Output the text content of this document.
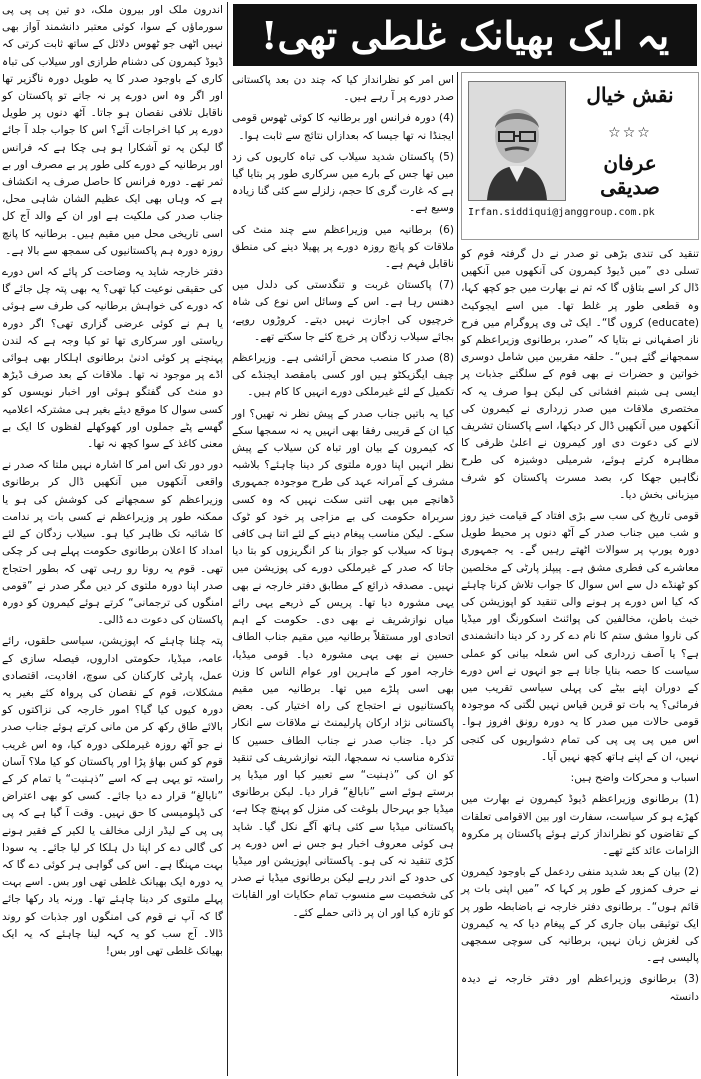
یہ ایک بھیانک غلطی تھی!
نقش خیال
☆☆☆
عرفان صدیقی
Irfan.siddiqui@janggroup.com.pk

تنقید کی تندی بڑھی تو صدر نے دل گرفتہ قوم کو تسلی دی ”میں ڈیوڈ کیمرون کی آنکھوں میں آنکھیں ڈال کر اسے بتاؤں گا کہ تم نے بھارت میں جو کچھ کہا، وہ قطعی طور پر غلط تھا۔ میں اسے ایجوکیٹ (educate) کروں گا“۔ ایک ٹی وی پروگرام میں فرح ناز اصفہانی نے بتایا کہ ”صدر، برطانوی وزیراعظم کو سمجھانے گئے ہیں“۔ حلقہ مقربین میں شامل دوسری خواتین و حضرات نے بھی قوم کے سلگتے جذبات پر ایسی ہی شبنم افشانی کی لیکن ہوا صرف یہ کہ مختصری ملاقات میں صدر زرداری نے کیمرون کی آنکھوں میں آنکھیں ڈال کر دیکھا، اسے پاکستان تشریف لانے کی دعوت دی اور کیمرون نے اعلیٰ ظرفی کا مظاہرہ کرتے ہوئے، شرمیلی دوشیزہ کی طرح نگاہیں جھکا کر، بصد مسرت پاکستان کو شرف میزبانی بخش دیا۔

قومی تاریخ کی سب سے بڑی افتاد کے قیامت خیز روز و شب میں جناب صدر کے آٹھ دنوں پر محیط طویل دورہ یورپ پر سوالات اٹھتے رہیں گے۔ یہ جمہوری معاشرے کی فطری مشق ہے۔ پیپلز پارٹی کے مخلصین کو ٹھنڈے دل سے اس سوال کا جواب تلاش کرنا چاہئے کہ کیا اس دورے پر ہونے والی تنقید کو اپوزیشن کی خبث باطن، مخالفین کی پوائنٹ اسکورنگ اور میڈیا کی ناروا مشق ستم کا نام دے کر رد کر دینا دانشمندی ہے؟ یا آصف زرداری کی اس شعلہ بیانی کو عملی سیاست کا حصہ بنایا جانا ہے جو انہوں نے اس دورے کے دوران اپنے بیٹے کی پہلی سیاسی تقریب میں فرمائی؟ یہ بات تو قرین قیاس نہیں لگتی کہ موجودہ قومی حالات میں صدر کا یہ دورہ رونق افروز ہوا۔ اس میں پی پی پی کی تمام دشواریوں کی کنجی نہیں، ان کے اپنے ہاتھ کچھ نہیں آیا۔

اسباب و محرکات واضح ہیں:

(1) برطانوی وزیراعظم ڈیوڈ کیمرون نے بھارت میں کھڑے ہو کر سیاست، سفارت اور بین الاقوامی تعلقات کے تقاضوں کو نظرانداز کرتے ہوئے پاکستان پر مکروہ الزامات عائد کئے تھے۔

(2) بیان کے بعد شدید منفی ردعمل کے باوجود کیمرون نے حرف کمزور کے طور پر کہا کہ ”میں اپنی بات پر قائم ہوں“۔ برطانوی دفتر خارجہ نے باضابطہ طور پر ایک توثیقی بیان جاری کر کے پیغام دیا کہ یہ کیمرون کی لغزش زبان نہیں، برطانیہ کی سوچی سمجھی پالیسی ہے۔

(3) برطانوی وزیراعظم اور دفتر خارجہ نے دیدہ دانستہ

اس امر کو نظرانداز کیا کہ چند دن بعد پاکستانی صدر دورے پر آ رہے ہیں۔

(4) دورہ فرانس اور برطانیہ کا کوئی ٹھوس قومی ایجنڈا نہ تھا جیسا کہ بعدازاں نتائج سے ثابت ہوا۔

(5) پاکستان شدید سیلاب کی تباہ کاریوں کی زد میں تھا جس کے بارے میں سرکاری طور پر بتایا گیا ہے کہ غارت گری کا حجم، زلزلے سے کئی گنا زیادہ وسیع ہے۔

(6) برطانیہ میں وزیراعظم سے چند منٹ کی ملاقات کو پانچ روزہ دورے پر پھیلا دینے کی منطق ناقابل فہم ہے۔

(7) پاکستان غربت و تنگدستی کی دلدل میں دھنس رہا ہے۔ اس کے وسائل اس نوع کی شاہ خرچیوں کی اجازت نہیں دیتے۔ کروڑوں روپے، بجائے سیلاب زدگان پر خرچ کئے جا سکتے تھے۔

(8) صدر کا منصب محض آرائشی ہے۔ وزیراعظم چیف ایگزیکٹو ہیں اور کسی بامقصد ایجنڈے کی تکمیل کے لئے غیرملکی دورے انہیں کا کام ہیں۔

کیا یہ باتیں جناب صدر کے پیش نظر نہ تھیں؟ اور کیا ان کے قریبی رفقا بھی انہیں یہ نہ سمجھا سکے کہ کیمرون کے بیان اور تباہ کن سیلاب کے پیش نظر انہیں اپنا دورہ ملتوی کر دینا چاہئے؟ بلاشبہ مشرف کے آمرانہ عہد کی طرح موجودہ جمہوری ڈھانچے میں بھی اتنی سکت نہیں کہ وہ کسی سربراہ حکومت کی بے مزاجی پر خود کو ٹوک سکے۔ لیکن مناسب پیغام دینے کے لئے اتنا ہی کافی ہوتا کہ سیلاب کو جواز بنا کر انگریزوں کو بتا دیا جاتا کہ صدر کے غیرملکی دورے کی پوزیشن میں نہیں۔ مصدقہ ذرائع کے مطابق دفتر خارجہ نے بھی یہی مشورہ دیا تھا۔ پریس کے ذریعے یہی رائے میاں نوازشریف نے بھی دی۔ حکومت کے اہم اتحادی اور مستقلاً برطانیہ میں مقیم جناب الطاف حسین نے بھی یہی مشورہ دیا۔ قومی میڈیا، خارجہ امور کے ماہرین اور عوام الناس کا وزن بھی اسی پلڑے میں تھا۔ برطانیہ میں مقیم پاکستانیوں نے احتجاج کی راہ اختیار کی۔ بعض پاکستانی نژاد ارکان پارلیمنٹ نے ملاقات سے انکار کر دیا۔ جناب صدر نے جناب الطاف حسین کا تذکرہ مناسب نہ سمجھا، البتہ نوازشریف کی تنقید کو ان کی ”ذہنیت“ سے تعبیر کیا اور میڈیا پر برستے ہوئے اسے ”نابالغ“ قرار دیا۔ لیکن برطانوی میڈیا جو بہرحال بلوغت کی منزل کو پہنچ چکا ہے، پاکستانی میڈیا سے کئی ہاتھ آگے نکل گیا۔ شاید ہی کوئی معروف اخبار ہو جس نے اس دورے پر کڑی تنقید نہ کی ہو۔ پاکستانی اپوزیشن اور میڈیا کی حدود کے اندر رہے لیکن برطانوی میڈیا نے صدر کی شخصیت سے منسوب تمام حکایات اور القابات کو تازہ کیا اور ان پر ذاتی حملے کئے۔

اندرون ملک اور بیرون ملک، دو تین پی پی پی سورماؤں کے سوا، کوئی معتبر دانشمند آواز بھی نہیں اٹھی جو ٹھوس دلائل کے ساتھ ثابت کرتی کہ ڈیوڈ کیمرون کی دشنام طرازی اور سیلاب کی تباہ کاری کے باوجود صدر کا یہ طویل دورہ ناگزیر تھا اور اگر وہ اس دورے پر نہ جاتے تو پاکستان کو ناقابل تلافی نقصان ہو جاتا۔ آٹھ دنوں پر طویل دورے پر کیا اخراجات آئے؟ اس کا جواب جلد آ جائے گا لیکن یہ تو آشکارا ہو ہی چکا ہے کہ فرانس اور برطانیہ کے دورے کلی طور پر بے مصرف اور بے ثمر تھے۔ دورہ فرانس کا حاصل صرف یہ انکشاف ہے کہ وہاں بھی ایک عظیم الشان شاہی محل، جناب صدر کی ملکیت ہے اور ان کے والد آج کل اسی تاریخی محل میں مقیم ہیں۔ برطانیہ کا پانچ روزہ دورہ ہم پاکستانیوں کی سمجھ سے بالا ہے۔

دفتر خارجہ شاید یہ وضاحت کر پائے کہ اس دورے کی حقیقی نوعیت کیا تھی؟ یہ بھی پتہ چل جائے گا کہ دورے کی خواہش برطانیہ کی طرف سے ہوئی یا ہم نے کوئی عرضی گزاری تھی؟ اگر دورہ ریاستی اور سرکاری تھا تو کیا وجہ ہے کہ لندن پہنچنے پر کوئی ادنیٰ برطانوی اہلکار بھی ہوائی اڈے پر موجود نہ تھا۔ ملاقات کے بعد صرف ڈیڑھ دو منٹ کی گفتگو ہوئی اور اخبار نویسوں کو کسی سوال کا موقع دیئے بغیر ہی مشترکہ اعلامیہ گھسے پٹے جملوں اور کھوکھلے لفظوں کا ایک بے معنی کاغذ کے سوا کچھ نہ تھا۔

دور دور تک اس امر کا اشارہ نہیں ملتا کہ صدر نے واقعی آنکھوں میں آنکھیں ڈال کر برطانوی وزیراعظم کو سمجھانے کی کوشش کی ہو یا ممکنہ طور پر وزیراعظم نے کسی بات پر ندامت کا شائبہ تک ظاہر کیا ہو۔ سیلاب زدگان کے لئے امداد کا اعلان برطانوی حکومت پہلے ہی کر چکی تھی۔ قوم یہ رونا رو رہی تھی کہ بطور احتجاج صدر اپنا دورہ ملتوی کر دیں مگر صدر نے ”قومی امنگوں کی ترجمانی“ کرتے ہوئے کیمرون کو دورہ پاکستان کی دعوت دے ڈالی۔

پتہ چلنا چاہئے کہ اپوزیشن، سیاسی حلقوں، رائے عامہ، میڈیا، حکومتی اداروں، فیصلہ سازی کے عمل، پارٹی کارکنان کی سوچ، افادیت، اقتصادی مشکلات، قوم کے نقصان کی پرواہ کئے بغیر یہ دورہ کیوں کیا گیا؟ امور خارجہ کی نزاکتوں کو بالائے طاق رکھ کر من مانی کرتے ہوئے جناب صدر نے جو آٹھ روزہ غیرملکی دورہ کیا، وہ اس غریب قوم کو کس بھاؤ پڑا اور پاکستان کو کیا ملا؟ آسان راستہ تو یہی ہے کہ اسے ”ذہنیت“ یا تمام کر کے ”نابالغ“ قرار دے دیا جائے۔ کسی کو بھی اعتراض کی ڈپلومیسی کا حق نہیں۔ وقت آ گیا ہے کہ پی پی پی کے لیڈر ازلی مخالف یا لکیر کے فقیر ہونے کی گالی دے کر اپنا دل ہلکا کر لیا جائے۔ یہ سودا بہت مہنگا ہے۔ اس کی گواہی ہر کوئی دے گا کہ یہ دورہ ایک بھیانک غلطی تھی اور بس۔ اسے بہت پہلے ملتوی کر دینا چاہئے تھا۔ ورنہ یاد رکھا جائے گا کہ آپ نے قوم کی امنگوں اور جذبات کو روند ڈالا۔ آج سب کو یہ کہہ لینا چاہئے کہ یہ ایک بھیانک غلطی تھی اور بس!
